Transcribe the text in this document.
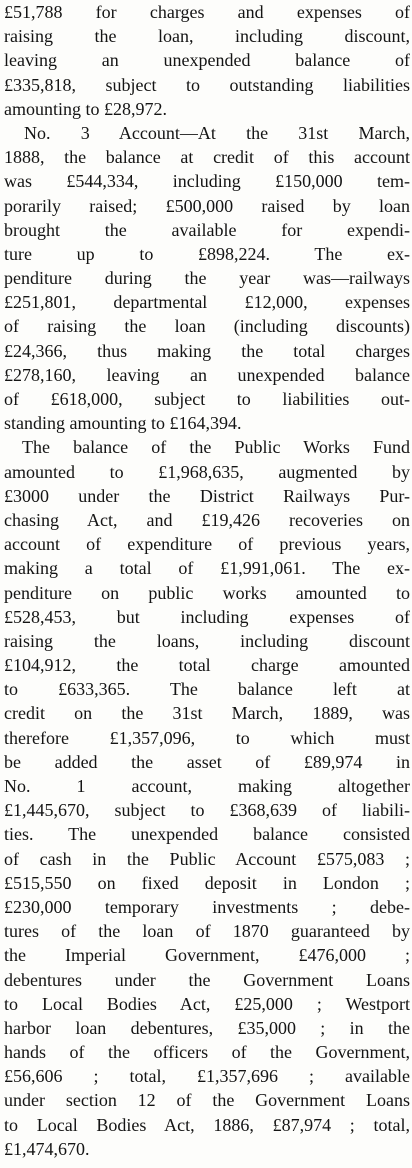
£51,788 for charges and expenses of
raising the loan, including discount,
leaving an unexpended balance of
£335,818, subject to outstanding liabilities
amounting to £28,972.

No. 3 Account—At the 31st March,
1888, the balance at credit of this account
was £544,334, including £150,000 tem-
porarily raised; £500,000 raised by loan
brought the available for expendi-
ture up to £898,224. The ex-
penditure during the year was—railways
£251,801, departmental £12,000, expenses
of raising the loan (including discounts)
£24,366, thus making the total charges
£278,160, leaving an unexpended balance
of £618,000, subject to liabilities out-
standing amounting to £164,394.

The balance of the Public Works Fund
amounted to £1,968,635, augmented by
£3000 under the District Railways Pur-
chasing Act, and £19,426 recoveries on
account of expenditure of previous years,
making a total of £1,991,061. The ex-
penditure on public works amounted to
£528,453, but including expenses of
raising the loans, including discount
£104,912, the total charge amounted
to £633,365. The balance left at
credit on the 31st March, 1889, was
therefore £1,357,096, to which must
be added the asset of £89,974 in
No. 1 account, making altogether
£1,445,670, subject to £368,639 of liabili-
ties. The unexpended balance consisted
of cash in the Public Account £575,083 ;
£515,550 on fixed deposit in London ;
£230,000 temporary investments ; debe-
tures of the loan of 1870 guaranteed by
the Imperial Government, £476,000 ;
debentures under the Government Loans
to Local Bodies Act, £25,000 ; Westport
harbor loan debentures, £35,000 ; in the
hands of the officers of the Government,
£56,606 ; total, £1,357,696 ; available
under section 12 of the Government Loans
to Local Bodies Act, 1886, £87,974 ; total,
£1,474,670.
